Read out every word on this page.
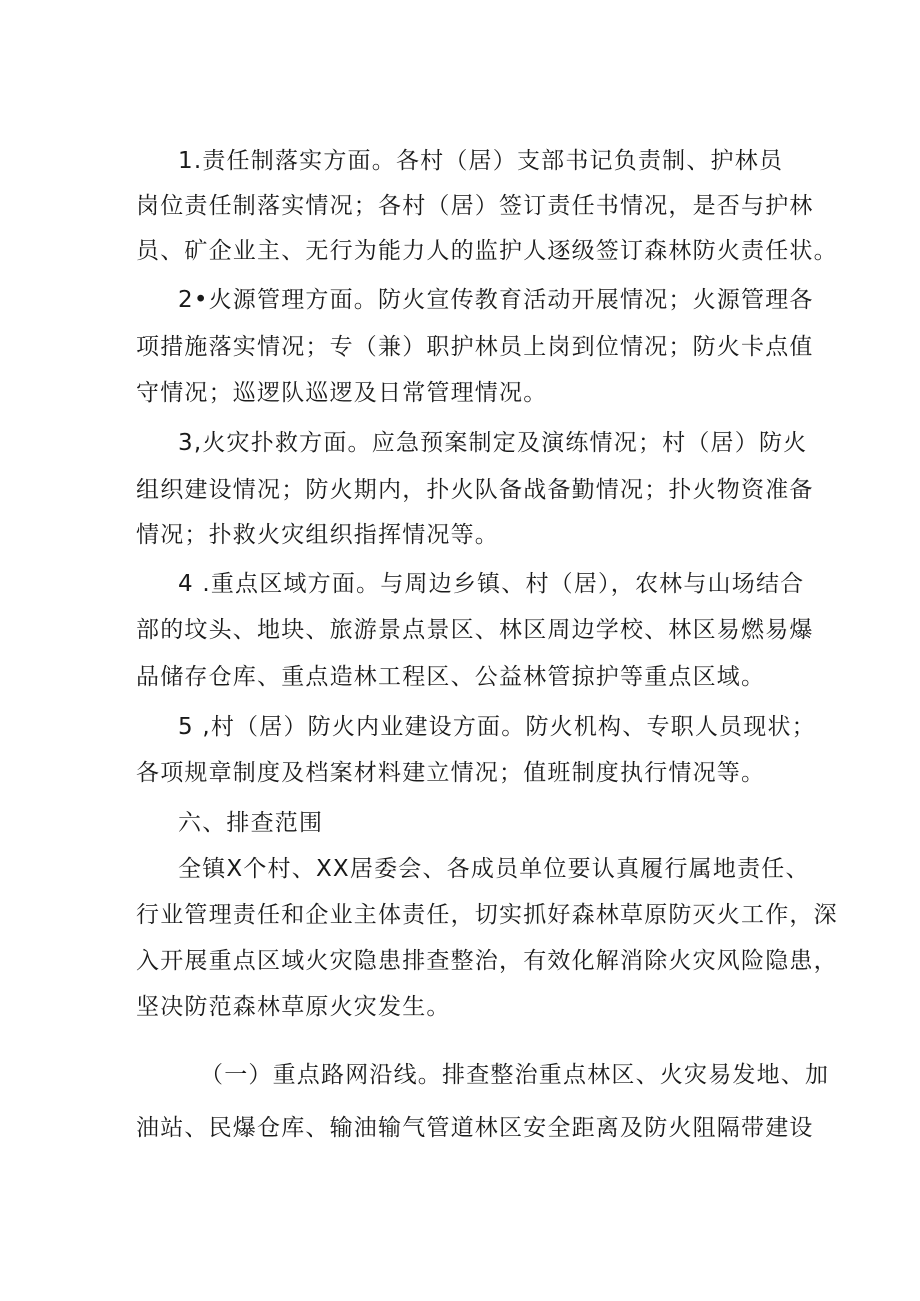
1.责任制落实方面。各村（居）支部书记负责制、护林员
岗位责任制落实情况；各村（居）签订责任书情况，是否与护林
员、矿企业主、无行为能力人的监护人逐级签订森林防火责任状。
2•火源管理方面。防火宣传教育活动开展情况；火源管理各
项措施落实情况；专（兼）职护林员上岗到位情况；防火卡点值
守情况；巡逻队巡逻及日常管理情况。
3,火灾扑救方面。应急预案制定及演练情况；村（居）防火
组织建设情况；防火期内，扑火队备战备勤情况；扑火物资准备
情况；扑救火灾组织指挥情况等。
4 .重点区域方面。与周边乡镇、村（居），农林与山场结合
部的坟头、地块、旅游景点景区、林区周边学校、林区易燃易爆
品储存仓库、重点造林工程区、公益林管掠护等重点区域。
5 ,村（居）防火内业建设方面。防火机构、专职人员现状；
各项规章制度及档案材料建立情况；值班制度执行情况等。
六、排查范围
全镇X个村、XX居委会、各成员单位要认真履行属地责任、
行业管理责任和企业主体责任，切实抓好森林草原防灭火工作，深
入开展重点区域火灾隐患排查整治，有效化解消除火灾风险隐患，
坚决防范森林草原火灾发生。
（一）重点路网沿线。排查整治重点林区、火灾易发地、加
油站、民爆仓库、输油输气管道林区安全距离及防火阻隔带建设
